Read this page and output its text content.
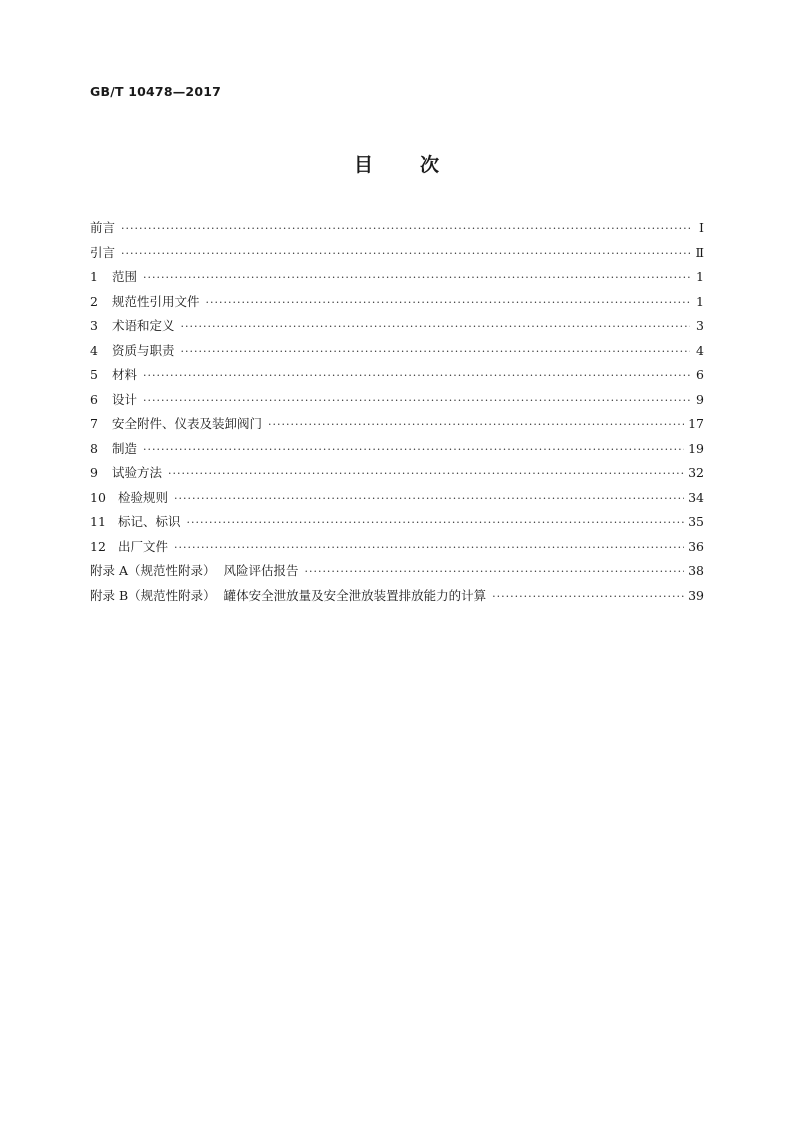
GB/T 10478—2017
目 次
前言 ·····	Ⅰ
引言 ·····	Ⅱ
1	范围 ·····	1
2	规范性引用文件 ·····	1
3	术语和定义 ·····	3
4	资质与职责 ·····	4
5	材料 ·····	6
6	设计 ·····	9
7	安全附件、仪表及装卸阀门 ·····	17
8	制造 ·····	19
9	试验方法 ·····	32
10 检验规则 ·····	34
11 标记、标识 ·····	35
12 出厂文件 ·····	36
附录 A（规范性附录）  风险评估报告 ·····	38
附录 B（规范性附录）  罐体安全泄放量及安全泄放装置排放能力的计算 ·····	39
